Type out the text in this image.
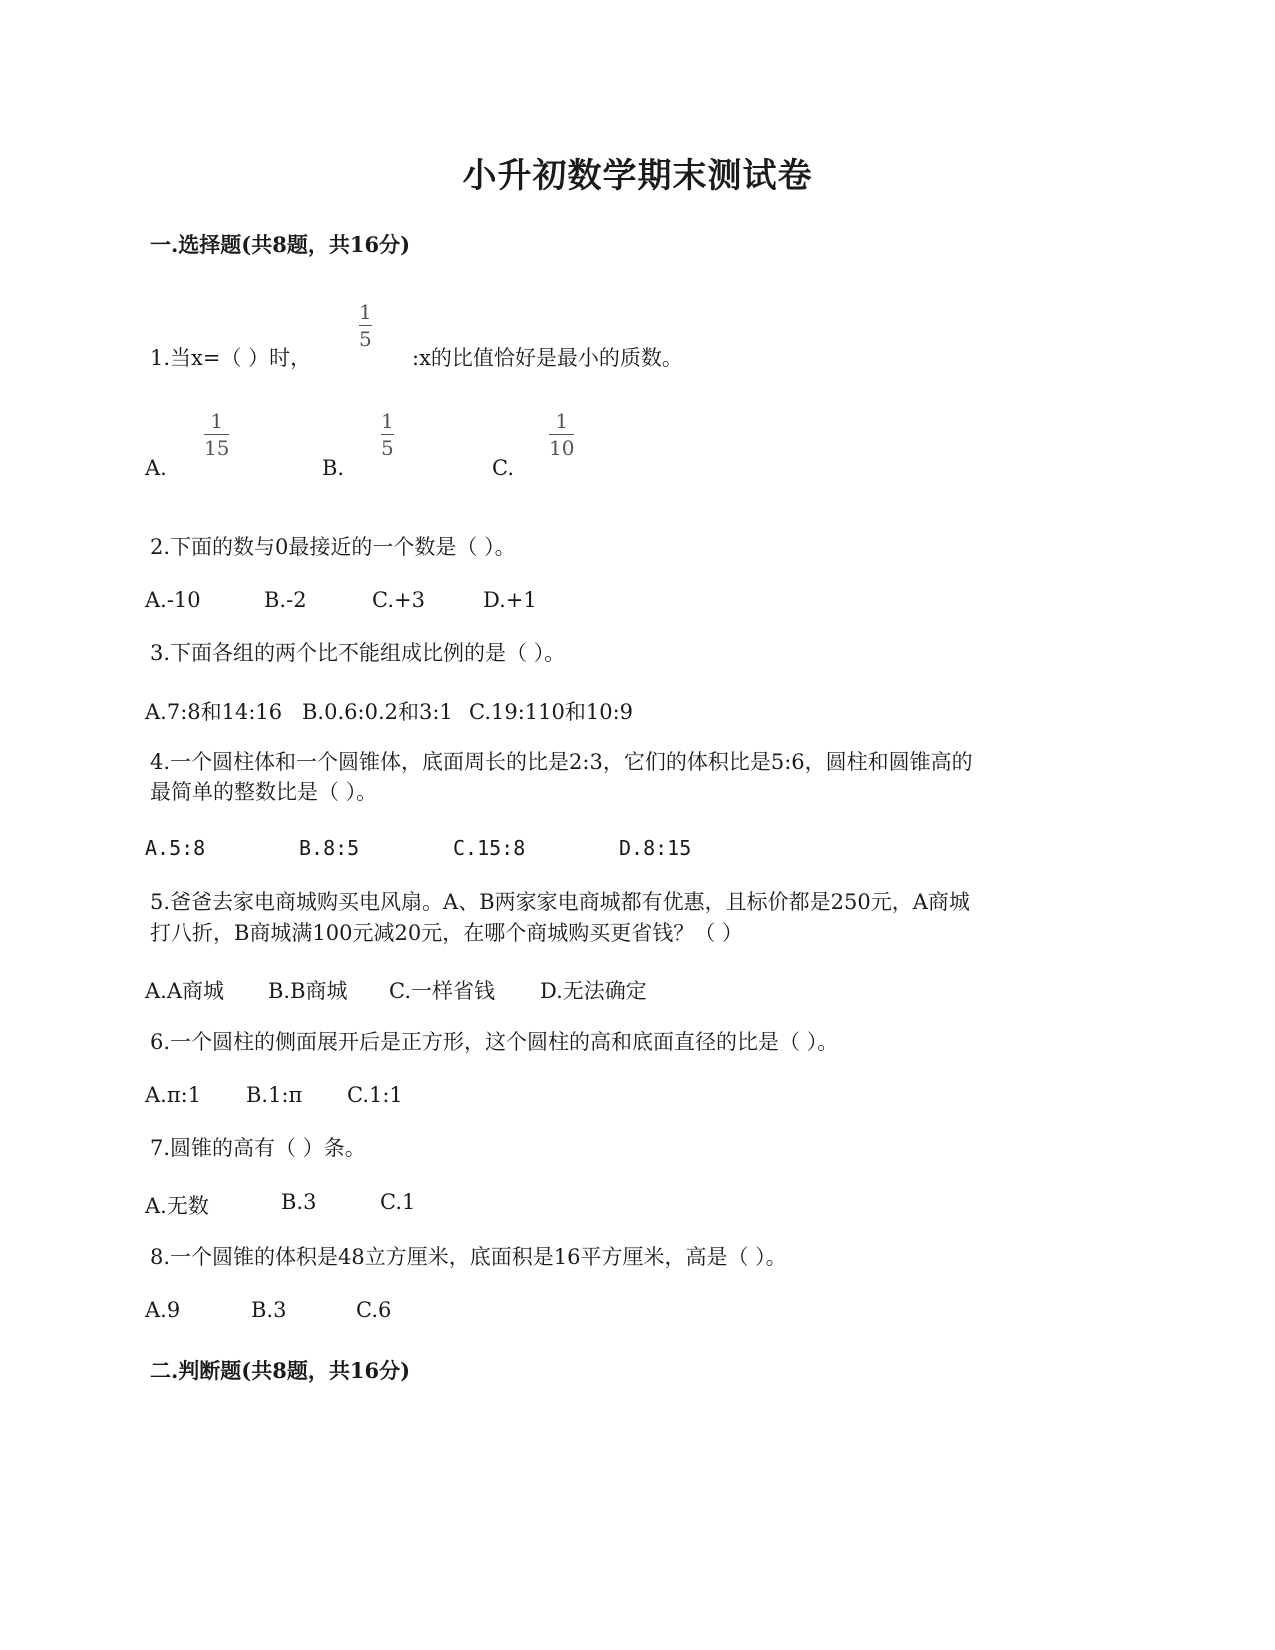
小升初数学期末测试卷
一.选择题(共8题，共16分)
1.当x=（ ）时，
1
5
:x的比值恰好是最小的质数。
A.
1
15
B.
1
5
C.
1
10
2.下面的数与0最接近的一个数是（ ）。
A.-10	B.-2	C.+3	D.+1
3.下面各组的两个比不能组成比例的是（ ）。
A.7:8和14:16 B.0.6:0.2和3:1 C.19:110和10:9
4.一个圆柱体和一个圆锥体，底面周长的比是2:3，它们的体积比是5:6，圆柱和圆锥高的
最简单的整数比是（ ）。
A.5:8	B.8:5	C.15:8	D.8:15
5.爸爸去家电商城购买电风扇。A、B两家家电商城都有优惠，且标价都是250元，A商城
打八折，B商城满100元减20元，在哪个商城购买更省钱？（ ）
A.A商城 B.B商城 C.一样省钱 D.无法确定
6.一个圆柱的侧面展开后是正方形，这个圆柱的高和底面直径的比是（ ）。
A.π:1 B.1:π C.1:1
7.圆锥的高有（ ）条。
A.无数	B.3	C.1
8.一个圆锥的体积是48立方厘米，底面积是16平方厘米，高是（ ）。
A.9	B.3	C.6
二.判断题(共8题，共16分)
